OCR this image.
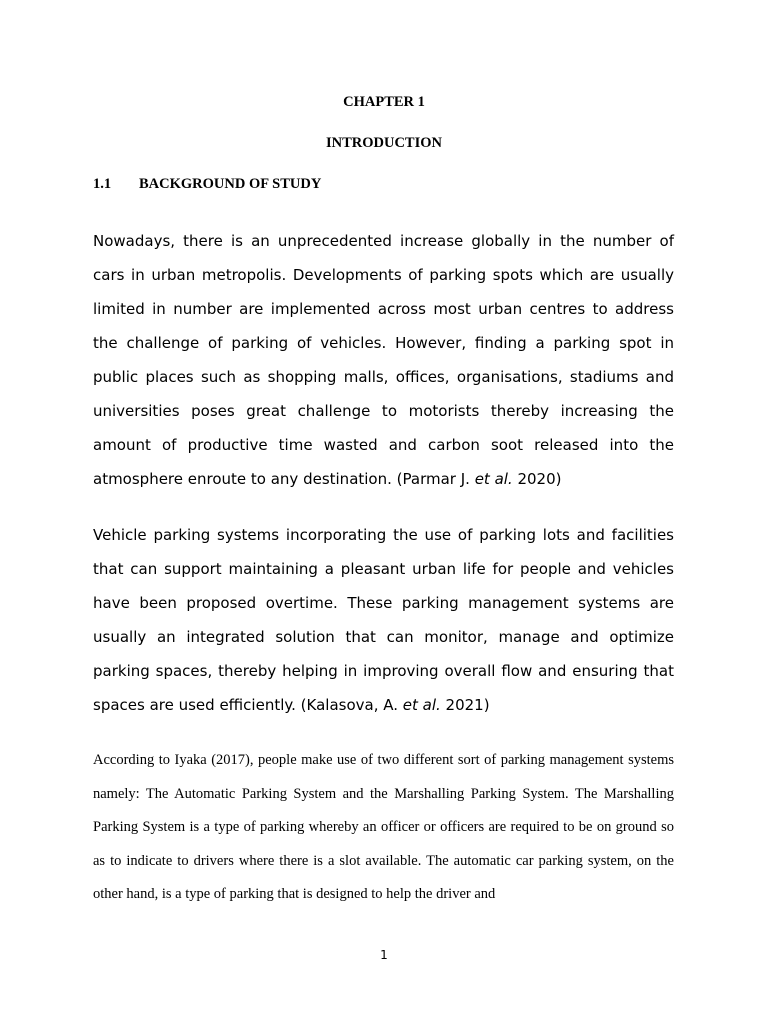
CHAPTER 1
INTRODUCTION
1.1 BACKGROUND OF STUDY

Nowadays, there is an unprecedented increase globally in the number of cars in urban metropolis. Developments of parking spots which are usually limited in number are implemented across most urban centres to address the challenge of parking of vehicles. However, finding a parking spot in public places such as shopping malls, offices, organisations, stadiums and universities poses great challenge to motorists thereby increasing the amount of productive time wasted and carbon soot released into the atmosphere enroute to any destination. (Parmar J. et al. 2020)

Vehicle parking systems incorporating the use of parking lots and facilities that can support maintaining a pleasant urban life for people and vehicles have been proposed overtime. These parking management systems are usually an integrated solution that can monitor, manage and optimize parking spaces, thereby helping in improving overall flow and ensuring that spaces are used efficiently. (Kalasova, A. et al. 2021)

According to Iyaka (2017), people make use of two different sort of parking management systems namely: The Automatic Parking System and the Marshalling Parking System. The Marshalling Parking System is a type of parking whereby an officer or officers are required to be on ground so as to indicate to drivers where there is a slot available. The automatic car parking system, on the other hand, is a type of parking that is designed to help the driver and

1
